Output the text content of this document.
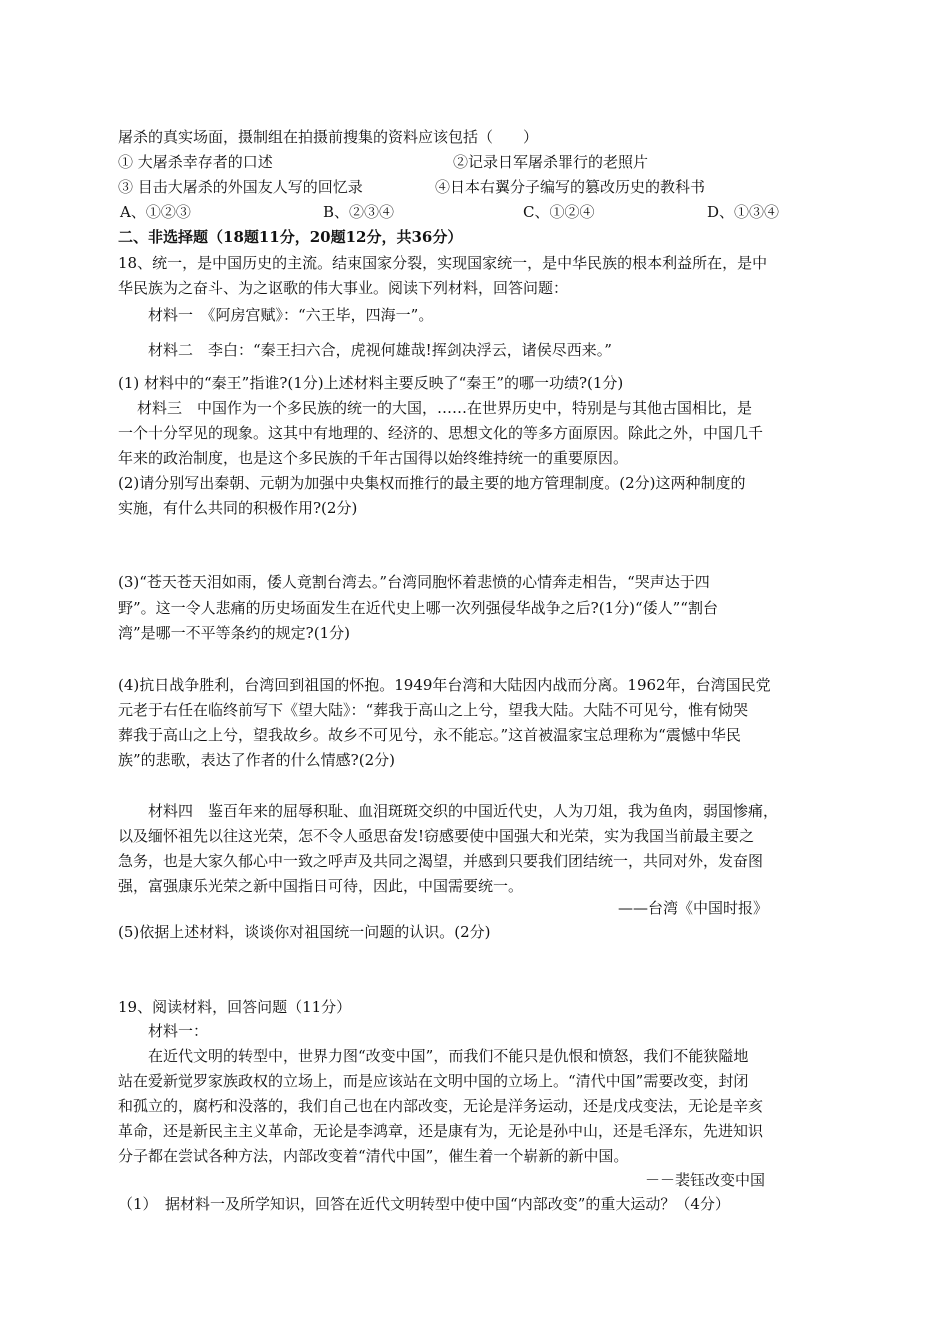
屠杀的真实场面，摄制组在拍摄前搜集的资料应该包括（　　）
① 大屠杀幸存者的口述	②记录日军屠杀罪行的老照片
③ 目击大屠杀的外国友人写的回忆录	④日本右翼分子编写的篡改历史的教科书
A、①②③	B、②③④	C、①②④	D、①③④
二、非选择题（18题11分，20题12分，共36分）
18、统一，是中国历史的主流。结束国家分裂，实现国家统一，是中华民族的根本利益所在，是中
华民族为之奋斗、为之讴歌的伟大事业。阅读下列材料，回答问题：
材料一　《阿房宫赋》：“六王毕，四海一”。
材料二　李白：“秦王扫六合，虎视何雄哉!挥剑决浮云，诸侯尽西来。”
(1) 材料中的“秦王”指谁?(1分)上述材料主要反映了“秦王”的哪一功绩?(1分)
材料三　中国作为一个多民族的统一的大国，……在世界历史中，特别是与其他古国相比，是
一个十分罕见的现象。这其中有地理的、经济的、思想文化的等多方面原因。除此之外，中国几千
年来的政治制度，也是这个多民族的千年古国得以始终维持统一的重要原因。
(2)请分别写出秦朝、元朝为加强中央集权而推行的最主要的地方管理制度。(2分)这两种制度的
实施，有什么共同的积极作用?(2分)
(3)“苍天苍天泪如雨，倭人竟割台湾去。”台湾同胞怀着悲愤的心情奔走相告，“哭声达于四
野”。这一令人悲痛的历史场面发生在近代史上哪一次列强侵华战争之后?(1分)“倭人”“割台
湾”是哪一不平等条约的规定?(1分)
(4)抗日战争胜利，台湾回到祖国的怀抱。1949年台湾和大陆因内战而分离。1962年，台湾国民党
元老于右任在临终前写下《望大陆》：“葬我于高山之上兮，望我大陆。大陆不可见兮，惟有恸哭
葬我于高山之上兮，望我故乡。故乡不可见兮，永不能忘。”这首被温家宝总理称为“震憾中华民
族”的悲歌，表达了作者的什么情感?(2分)
材料四　鉴百年来的屈辱积耻、血泪斑斑交织的中国近代史，人为刀俎，我为鱼肉，弱国惨痛，
以及缅怀祖先以往这光荣，怎不令人亟思奋发!窃感要使中国强大和光荣，实为我国当前最主要之
急务，也是大家久郁心中一致之呼声及共同之渴望，并感到只要我们团结统一，共同对外，发奋图
强，富强康乐光荣之新中国指日可待，因此，中国需要统一。
——台湾《中国时报》
(5)依据上述材料，谈谈你对祖国统一问题的认识。(2分)
19、阅读材料，回答问题（11分）
材料一：
在近代文明的转型中，世界力图“改变中国”，而我们不能只是仇恨和愤怒，我们不能狭隘地
站在爱新觉罗家族政权的立场上，而是应该站在文明中国的立场上。“清代中国”需要改变，封闭
和孤立的，腐朽和没落的，我们自己也在内部改变，无论是洋务运动，还是戊戌变法，无论是辛亥
革命，还是新民主主义革命，无论是李鸿章，还是康有为，无论是孙中山，还是毛泽东，先进知识
分子都在尝试各种方法，内部改变着“清代中国”，催生着一个崭新的新中国。
－－裴钰改变中国
（1）　据材料一及所学知识，回答在近代文明转型中使中国“内部改变”的重大运动？（4分）
